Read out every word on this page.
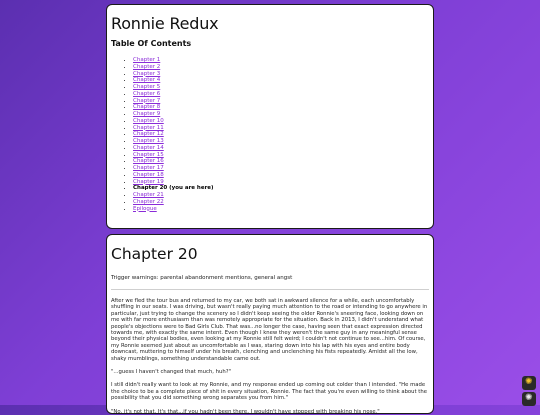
Ronnie Redux
Table Of Contents
• Chapter 1
• Chapter 2
• Chapter 3
• Chapter 4
• Chapter 5
• Chapter 6
• Chapter 7
• Chapter 8
• Chapter 9
• Chapter 10
• Chapter 11
• Chapter 12
• Chapter 13
• Chapter 14
• Chapter 15
• Chapter 16
• Chapter 17
• Chapter 18
• Chapter 19
• Chapter 20 (you are here)
• Chapter 21
• Chapter 22
• Epilogue
Chapter 20

Trigger warnings: parental abandonment mentions, general angst

After we fled the tour bus and returned to my car, we both sat in awkward silence for a while, each uncomfortably shuffling in our seats. I was driving, but wasn't really paying much attention to the road or intending to go anywhere in particular, just trying to change the scenery so I didn't keep seeing the older Ronnie's sneering face, looking down on me with far more enthusiasm than was remotely appropriate for the situation. Back in 2013, I didn't understand what people's objections were to Bad Girls Club. That was...no longer the case, having seen that exact expression directed towards me, with exactly the same intent. Even though I knew they weren't the same guy in any meaningful sense beyond their physical bodies, even looking at my Ronnie still felt weird; I couldn't not continue to see...him. Of course, my Ronnie seemed just about as uncomfortable as I was, staring down into his lap with his eyes and entire body downcast, muttering to himself under his breath, clenching and unclenching his fists repeatedly. Amidst all the low, shaky mumblings, something understandable came out.

"...guess I haven't changed that much, huh?"

I still didn't really want to look at my Ronnie, and my response ended up coming out colder than I intended. "He made the choice to be a complete piece of shit in every situation, Ronnie. The fact that you're even willing to think about the possibility that you did something wrong separates you from him."

"No, it's not that. It's that...if you hadn't been there, I wouldn't have stopped with breaking his nose."

✺
✺
